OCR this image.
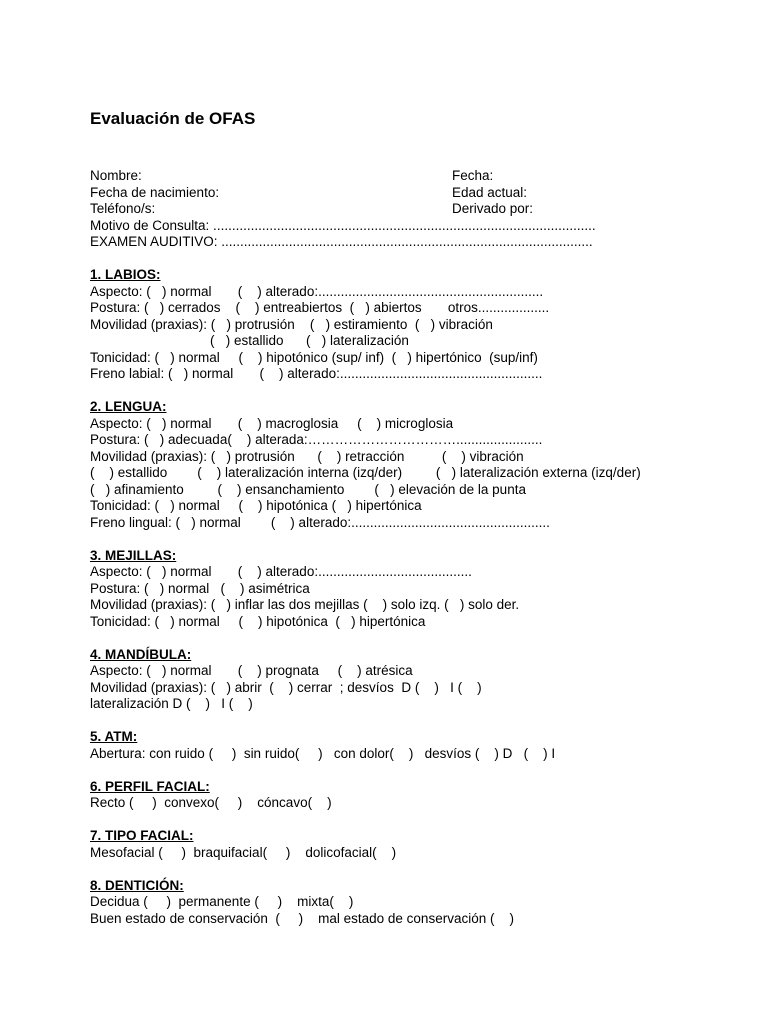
Evaluación de OFAS
Nombre:	Fecha:
Fecha de nacimiento:	Edad actual:
Teléfono/s:	Derivado por:
Motivo de Consulta: ......................................................................................................
EXAMEN AUDITIVO: ...................................................................................................
1. LABIOS:
Aspecto: (   ) normal       (    ) alterado:............................................................
Postura: (   ) cerrados    (    ) entreabiertos  (   ) abiertos       otros...................
Movilidad (praxias): (   ) protrusión    (   ) estiramiento  (   ) vibración
(   ) estallido      (   ) lateralización
Tonicidad: (   ) normal     (    ) hipotónico (sup/ inf)  (   ) hipertónico  (sup/inf)
Freno labial: (   ) normal       (    ) alterado:......................................................
2. LENGUA:
Aspecto: (   ) normal       (    ) macroglosia     (    ) microglosia
Postura: (   ) adecuada(    ) alterada:…………………………….......................
Movilidad (praxias): (   ) protrusión      (    ) retracción          (    ) vibración
(    ) estallido        (    ) lateralización interna (izq/der)         (   ) lateralización externa (izq/der)
(   ) afinamiento         (    ) ensanchamiento        (   ) elevación de la punta
Tonicidad: (   ) normal     (    ) hipotónica (   ) hipertónica
Freno lingual: (   ) normal        (    ) alterado:.....................................................
3. MEJILLAS:
Aspecto: (   ) normal       (    ) alterado:.........................................
Postura: (   ) normal   (    ) asimétrica
Movilidad (praxias): (   ) inflar las dos mejillas (    ) solo izq. (   ) solo der.
Tonicidad: (   ) normal     (    ) hipotónica  (   ) hipertónica
4. MANDÍBULA:
Aspecto: (   ) normal       (    ) prognata     (    ) atrésica
Movilidad (praxias): (   ) abrir  (    ) cerrar  ; desvíos  D (    )   I (    )
lateralización D (    )   I (    )
5. ATM:
Abertura: con ruido (     )  sin ruido(     )   con dolor(    )   desvíos (    ) D   (    ) I
6. PERFIL FACIAL:
Recto (     )  convexo(     )    cóncavo(    )
7. TIPO FACIAL:
Mesofacial (     )  braquifacial(     )    dolicofacial(    )
8. DENTICIÓN:
Decidua (     )  permanente (     )    mixta(    )
Buen estado de conservación  (     )    mal estado de conservación (    )
